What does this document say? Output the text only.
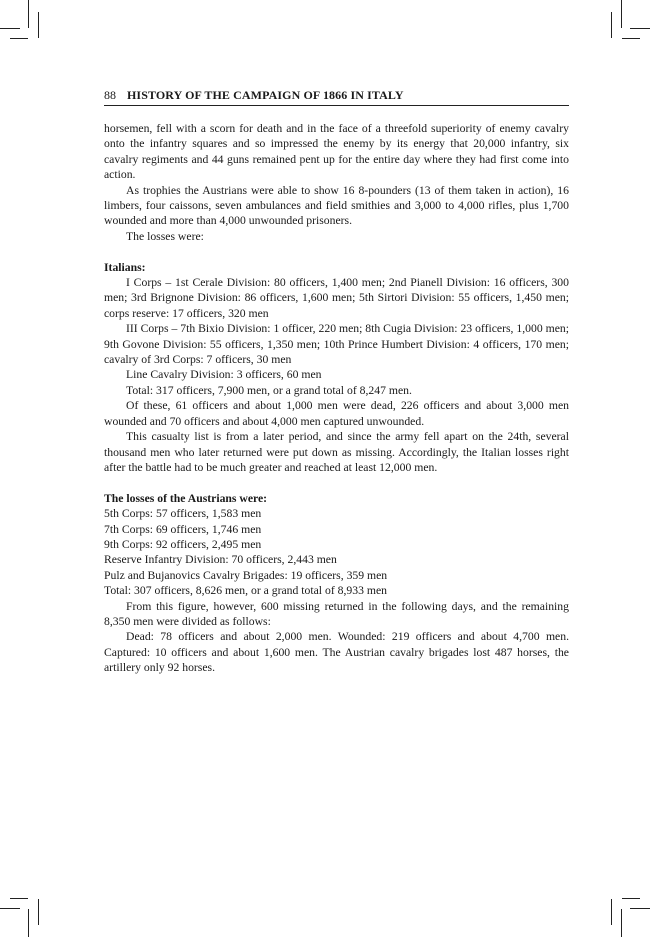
88 HISTORY OF THE CAMPAIGN OF 1866 IN ITALY

horsemen, fell with a scorn for death and in the face of a threefold superiority of enemy cavalry onto the infantry squares and so impressed the enemy by its energy that 20,000 infantry, six cavalry regiments and 44 guns remained pent up for the entire day where they had first come into action.

As trophies the Austrians were able to show 16 8-pounders (13 of them taken in action), 16 limbers, four caissons, seven ambulances and field smithies and 3,000 to 4,000 rifles, plus 1,700 wounded and more than 4,000 unwounded prisoners.

The losses were:

Italians:

I Corps – 1st Cerale Division: 80 officers, 1,400 men; 2nd Pianell Division: 16 officers, 300 men; 3rd Brignone Division: 86 officers, 1,600 men; 5th Sirtori Division: 55 officers, 1,450 men; corps reserve: 17 officers, 320 men

III Corps – 7th Bixio Division: 1 officer, 220 men; 8th Cugia Division: 23 officers, 1,000 men; 9th Govone Division: 55 officers, 1,350 men; 10th Prince Humbert Division: 4 officers, 170 men; cavalry of 3rd Corps: 7 officers, 30 men

Line Cavalry Division: 3 officers, 60 men

Total: 317 officers, 7,900 men, or a grand total of 8,247 men.

Of these, 61 officers and about 1,000 men were dead, 226 officers and about 3,000 men wounded and 70 officers and about 4,000 men captured unwounded.

This casualty list is from a later period, and since the army fell apart on the 24th, several thousand men who later returned were put down as missing. Accordingly, the Italian losses right after the battle had to be much greater and reached at least 12,000 men.

The losses of the Austrians were:

5th Corps: 57 officers, 1,583 men

7th Corps: 69 officers, 1,746 men

9th Corps: 92 officers, 2,495 men

Reserve Infantry Division: 70 officers, 2,443 men

Pulz and Bujanovics Cavalry Brigades: 19 officers, 359 men

Total: 307 officers, 8,626 men, or a grand total of 8,933 men

From this figure, however, 600 missing returned in the following days, and the remaining 8,350 men were divided as follows:

Dead: 78 officers and about 2,000 men. Wounded: 219 officers and about 4,700 men. Captured: 10 officers and about 1,600 men. The Austrian cavalry brigades lost 487 horses, the artillery only 92 horses.
